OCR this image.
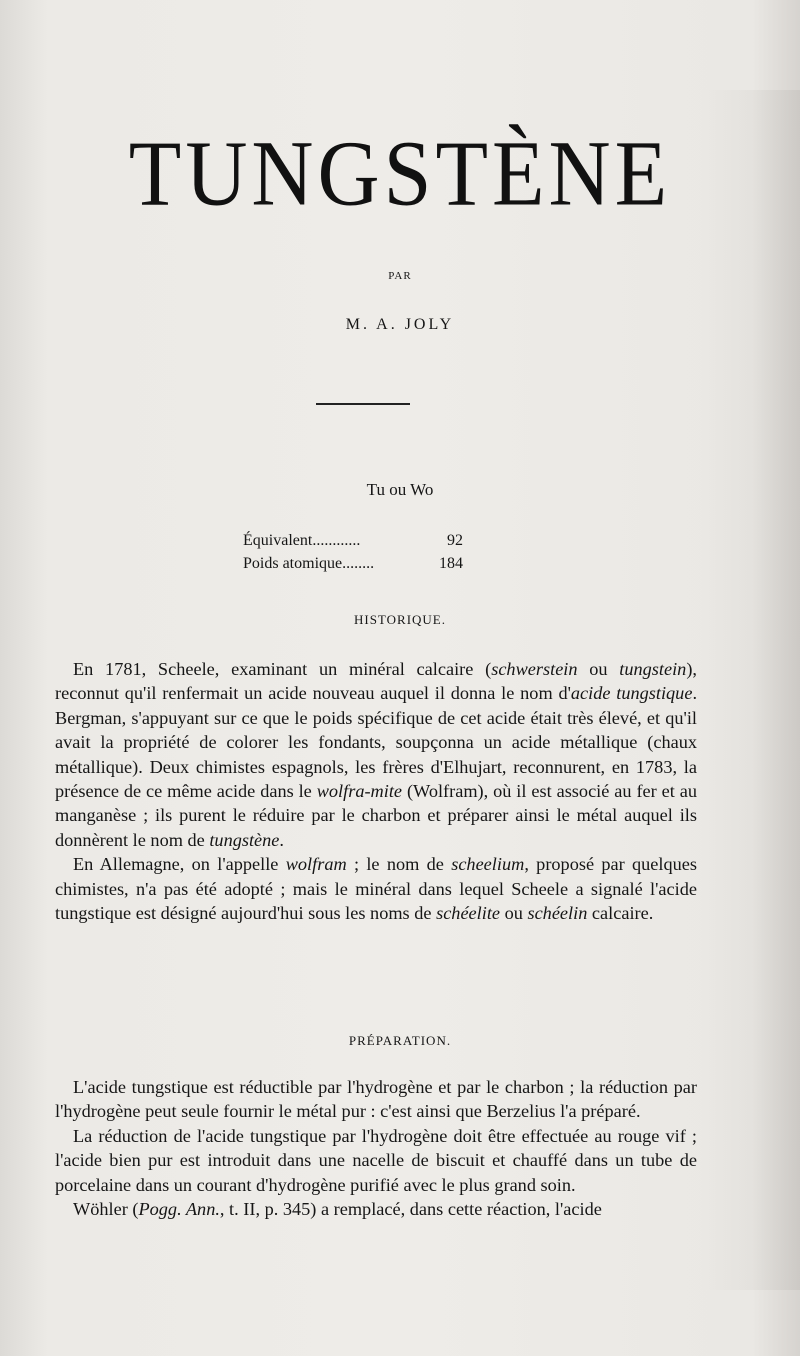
TUNGSTÈNE
PAR
M. A. JOLY
Tu ou Wo
Équivalent............	92
Poids atomique........	184
HISTORIQUE.

En 1781, Scheele, examinant un minéral calcaire (schwerstein ou tungstein), reconnut qu'il renfermait un acide nouveau auquel il donna le nom d'acide tungstique. Bergman, s'appuyant sur ce que le poids spécifique de cet acide était très élevé, et qu'il avait la propriété de colorer les fondants, soupçonna un acide métallique (chaux métallique). Deux chimistes espagnols, les frères d'Elhujart, reconnurent, en 1783, la présence de ce même acide dans le wolfra-mite (Wolfram), où il est associé au fer et au manganèse ; ils purent le réduire par le charbon et préparer ainsi le métal auquel ils donnèrent le nom de tungstène.

En Allemagne, on l'appelle wolfram ; le nom de scheelium, proposé par quelques chimistes, n'a pas été adopté ; mais le minéral dans lequel Scheele a signalé l'acide tungstique est désigné aujourd'hui sous les noms de schéelite ou schéelin calcaire.

PRÉPARATION.

L'acide tungstique est réductible par l'hydrogène et par le charbon ; la réduction par l'hydrogène peut seule fournir le métal pur : c'est ainsi que Berzelius l'a préparé.

La réduction de l'acide tungstique par l'hydrogène doit être effectuée au rouge vif ; l'acide bien pur est introduit dans une nacelle de biscuit et chauffé dans un tube de porcelaine dans un courant d'hydrogène purifié avec le plus grand soin.

Wöhler (Pogg. Ann., t. II, p. 345) a remplacé, dans cette réaction, l'acide
